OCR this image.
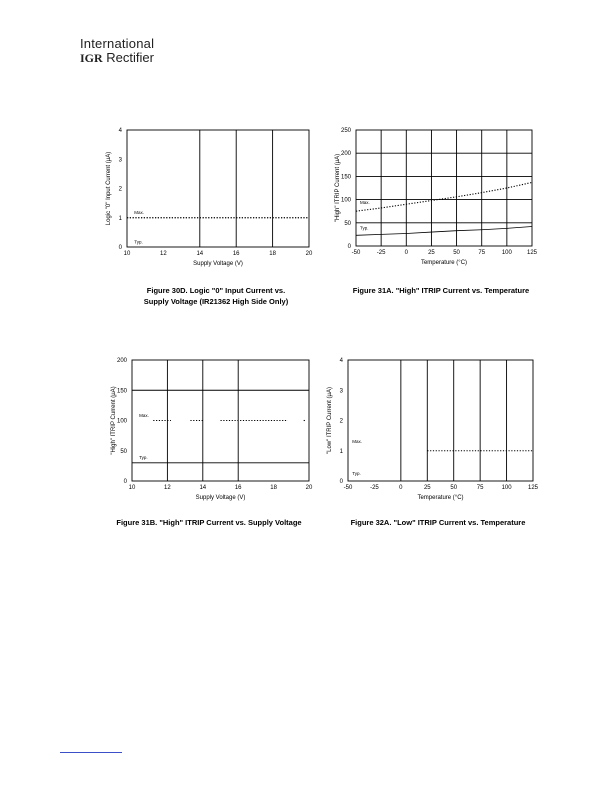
International
IGR Rectifier
10	12	14	16	18	20
0
1
2
3
4
Supply Voltage (V)
Logic "0" Input Current (µA)	Max.
Typ.
Figure 30D. Logic "0" Input Current vs.
Supply Voltage (IR21362 High Side Only)
-50	-25	0	25	50	75	100	125
0
50
100
150
200
250
Temperature (°C)
"High" ITRIP Current (µA)	Max.
Typ.
Figure 31A. "High" ITRIP Current vs. Temperature
10	12	14	16	18	20
0
50
100
150
200
Supply Voltage (V)
"High" ITRIP Current (µA)	Max.
Typ.
Figure 31B. "High" ITRIP Current vs. Supply Voltage
-50	-25	0	25	50	75	100	125
0
1
2
3
4
Temperature (°C)
"Low" ITRIP Current (µA)	Max.
Typ.
Figure 32A. "Low" ITRIP Current vs. Temperature
